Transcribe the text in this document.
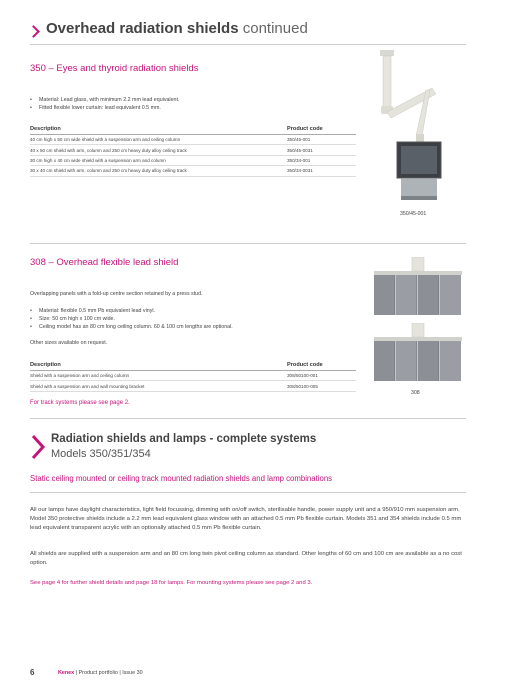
Overhead radiation shields continued
350 – Eyes and thyroid radiation shields
• Material: Lead glass, with minimum 2.2 mm lead equivalent.
• Fitted flexible lower curtain: lead equivalent 0.5 mm.
Description	Product code
40 cm high x 50 cm wide shield with a suspension arm and ceiling column	350/45-001
40 x 50 cm shield with arm, column and 250 cm heavy duty alloy ceiling track	350/45-0031
30 cm high x 40 cm wide shield with a suspension arm and column	350/34-001
30 x 40 cm shield with arm, column and 250 cm heavy duty alloy ceiling track	350/34-0031
350/45-001
308 – Overhead flexible lead shield
Overlapping panels with a fold-up centre section retained by a press stud.
• Material: flexible 0.5 mm Pb equivalent lead vinyl.
• Size: 50 cm high x 100 cm wide.
• Ceiling model has an 80 cm long ceiling column. 60 & 100 cm lengths are optional.
Other sizes available on request.
Description	Product code
Shield with a suspension arm and ceiling column	308/50100-001
Shield with a suspension arm and wall mounting bracket	308/50100-005
For track systems please see page 2.
308
Radiation shields and lamps - complete systems
Models 350/351/354
Static ceiling mounted or ceiling track mounted radiation shields and lamp combinations
All our lamps have daylight characteristics, light field focussing, dimming with on/off switch, sterilisable handle, power supply unit and a 950/910 mm suspension arm. Model 350 protective shields include a 2.2 mm lead equivalent glass window with an attached 0.5 mm Pb flexible curtain. Models 351 and 354 shields include 0.5 mm lead equivalent transparent acrylic with an optionally attached 0.5 mm Pb flexible curtain.
All shields are supplied with a suspension arm and an 80 cm long twin pivot ceiling column as standard. Other lengths of 60 cm and 100 cm are available as a no cost option.
See page 4 for further shield details and page 18 for lamps. For mounting systems please see page 2 and 3.
6	Kenex | Product portfolio | Issue 30
